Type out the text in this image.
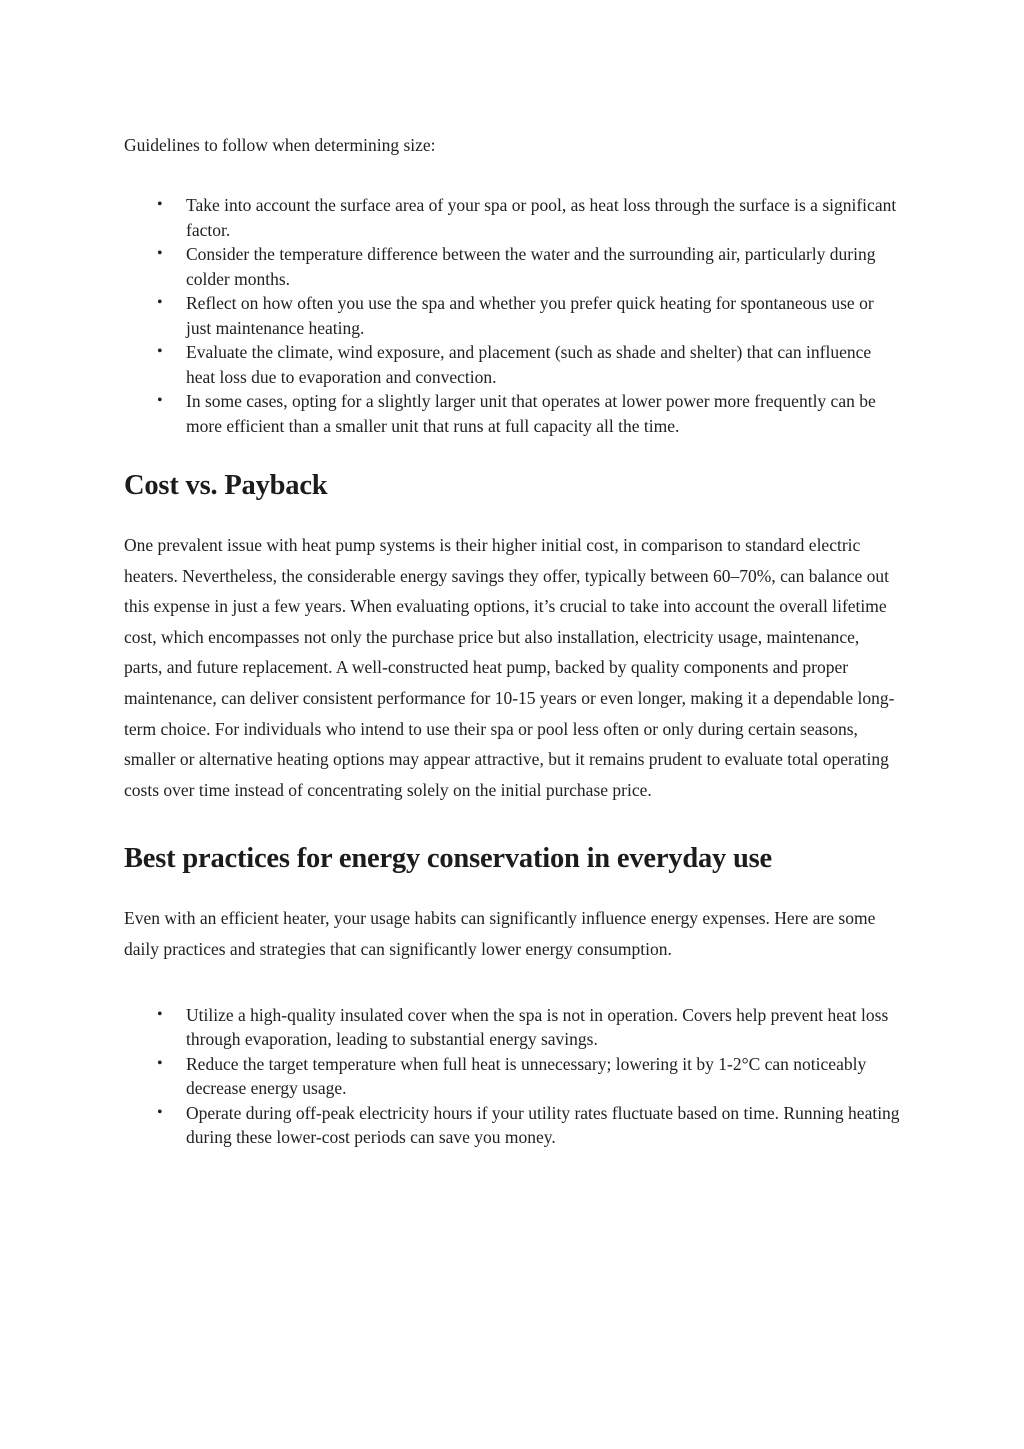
Guidelines to follow when determining size:

• Take into account the surface area of your spa or pool, as heat loss through the surface is a significant factor.
• Consider the temperature difference between the water and the surrounding air, particularly during colder months.
• Reflect on how often you use the spa and whether you prefer quick heating for spontaneous use or just maintenance heating.
• Evaluate the climate, wind exposure, and placement (such as shade and shelter) that can influence heat loss due to evaporation and convection.
• In some cases, opting for a slightly larger unit that operates at lower power more frequently can be more efficient than a smaller unit that runs at full capacity all the time.
Cost vs. Payback

One prevalent issue with heat pump systems is their higher initial cost, in comparison to standard electric heaters. Nevertheless, the considerable energy savings they offer, typically between 60–70%, can balance out this expense in just a few years. When evaluating options, it’s crucial to take into account the overall lifetime cost, which encompasses not only the purchase price but also installation, electricity usage, maintenance, parts, and future replacement. A well-constructed heat pump, backed by quality components and proper maintenance, can deliver consistent performance for 10-15 years or even longer, making it a dependable long-term choice. For individuals who intend to use their spa or pool less often or only during certain seasons, smaller or alternative heating options may appear attractive, but it remains prudent to evaluate total operating costs over time instead of concentrating solely on the initial purchase price.

Best practices for energy conservation in everyday use

Even with an efficient heater, your usage habits can significantly influence energy expenses. Here are some daily practices and strategies that can significantly lower energy consumption.

• Utilize a high-quality insulated cover when the spa is not in operation. Covers help prevent heat loss through evaporation, leading to substantial energy savings.
• Reduce the target temperature when full heat is unnecessary; lowering it by 1-2°C can noticeably decrease energy usage.
• Operate during off-peak electricity hours if your utility rates fluctuate based on time. Running heating during these lower-cost periods can save you money.
